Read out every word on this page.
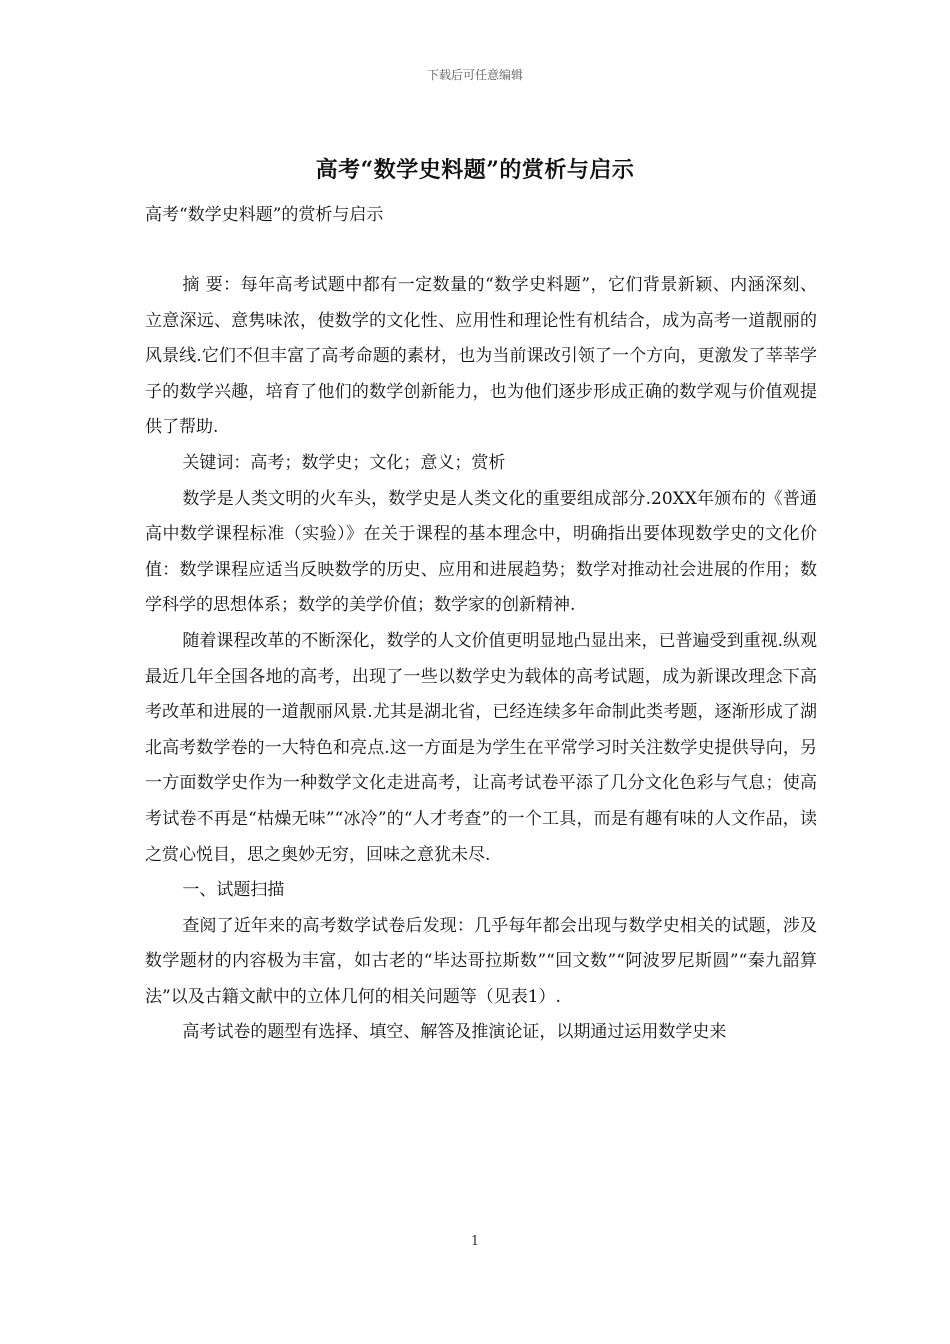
下载后可任意编辑
高考“数学史料题”的赏析与启示
高考“数学史料题”的赏析与启示

摘 要：每年高考试题中都有一定数量的“数学史料题”，它们背景新颖、内涵深刻、立意深远、意隽味浓，使数学的文化性、应用性和理论性有机结合，成为高考一道靓丽的风景线.它们不但丰富了高考命题的素材，也为当前课改引领了一个方向，更激发了莘莘学子的数学兴趣，培育了他们的数学创新能力，也为他们逐步形成正确的数学观与价值观提供了帮助.

关键词：高考；数学史；文化；意义；赏析

数学是人类文明的火车头，数学史是人类文化的重要组成部分.20XX年颁布的《普通高中数学课程标准（实验）》在关于课程的基本理念中，明确指出要体现数学史的文化价值：数学课程应适当反映数学的历史、应用和进展趋势；数学对推动社会进展的作用；数学科学的思想体系；数学的美学价值；数学家的创新精神.

随着课程改革的不断深化，数学的人文价值更明显地凸显出来，已普遍受到重视.纵观最近几年全国各地的高考，出现了一些以数学史为载体的高考试题，成为新课改理念下高考改革和进展的一道靓丽风景.尤其是湖北省，已经连续多年命制此类考题，逐渐形成了湖北高考数学卷的一大特色和亮点.这一方面是为学生在平常学习时关注数学史提供导向，另一方面数学史作为一种数学文化走进高考，让高考试卷平添了几分文化色彩与气息；使高考试卷不再是“枯燥无味”“冰冷”的“人才考查”的一个工具，而是有趣有味的人文作品，读之赏心悦目，思之奥妙无穷，回味之意犹未尽.

一、试题扫描

查阅了近年来的高考数学试卷后发现：几乎每年都会出现与数学史相关的试题，涉及数学题材的内容极为丰富，如古老的“毕达哥拉斯数”“回文数”“阿波罗尼斯圆”“秦九韶算法”以及古籍文献中的立体几何的相关问题等（见表1）.

高考试卷的题型有选择、填空、解答及推演论证，以期通过运用数学史来

1
